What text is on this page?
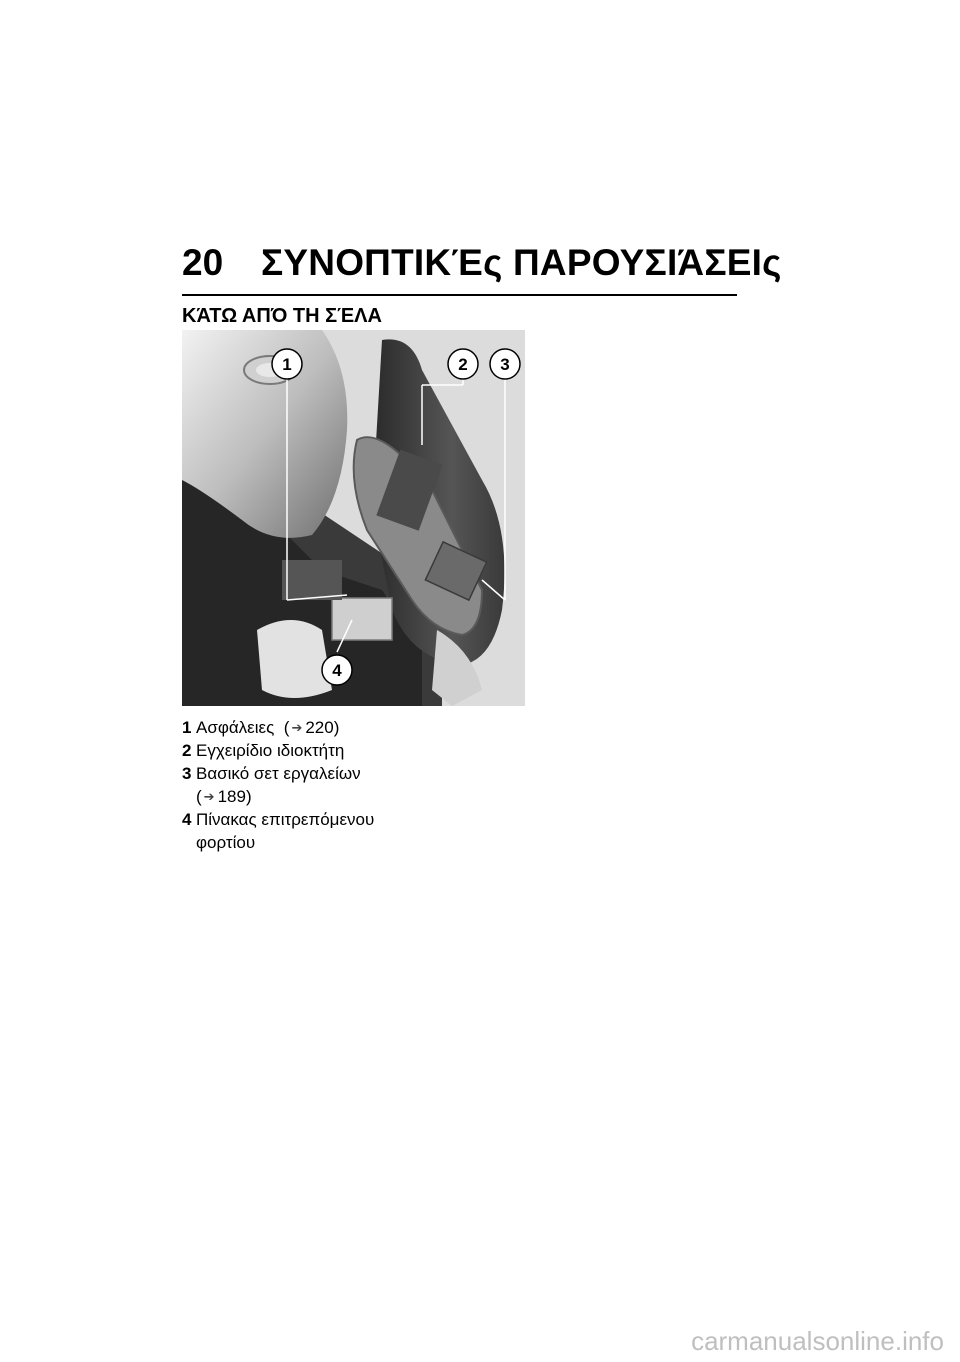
20 ΣΥΝΟΠΤΙΚΈς ΠΑΡΟΥΣΙΆΣΕΙς
ΚΆΤΩ ΑΠΌ ΤΗ ΣΈΛΑ
1	2 3
4
1 Ασφάλειες ( ➔ 220)
2 Εγχειρίδιο ιδιοκτήτη
3 Βασικό σετ εργαλείων
( ➔ 189)
4 Πίνακας επιτρεπόμενου
φορτίου
carmanualsonline.info
